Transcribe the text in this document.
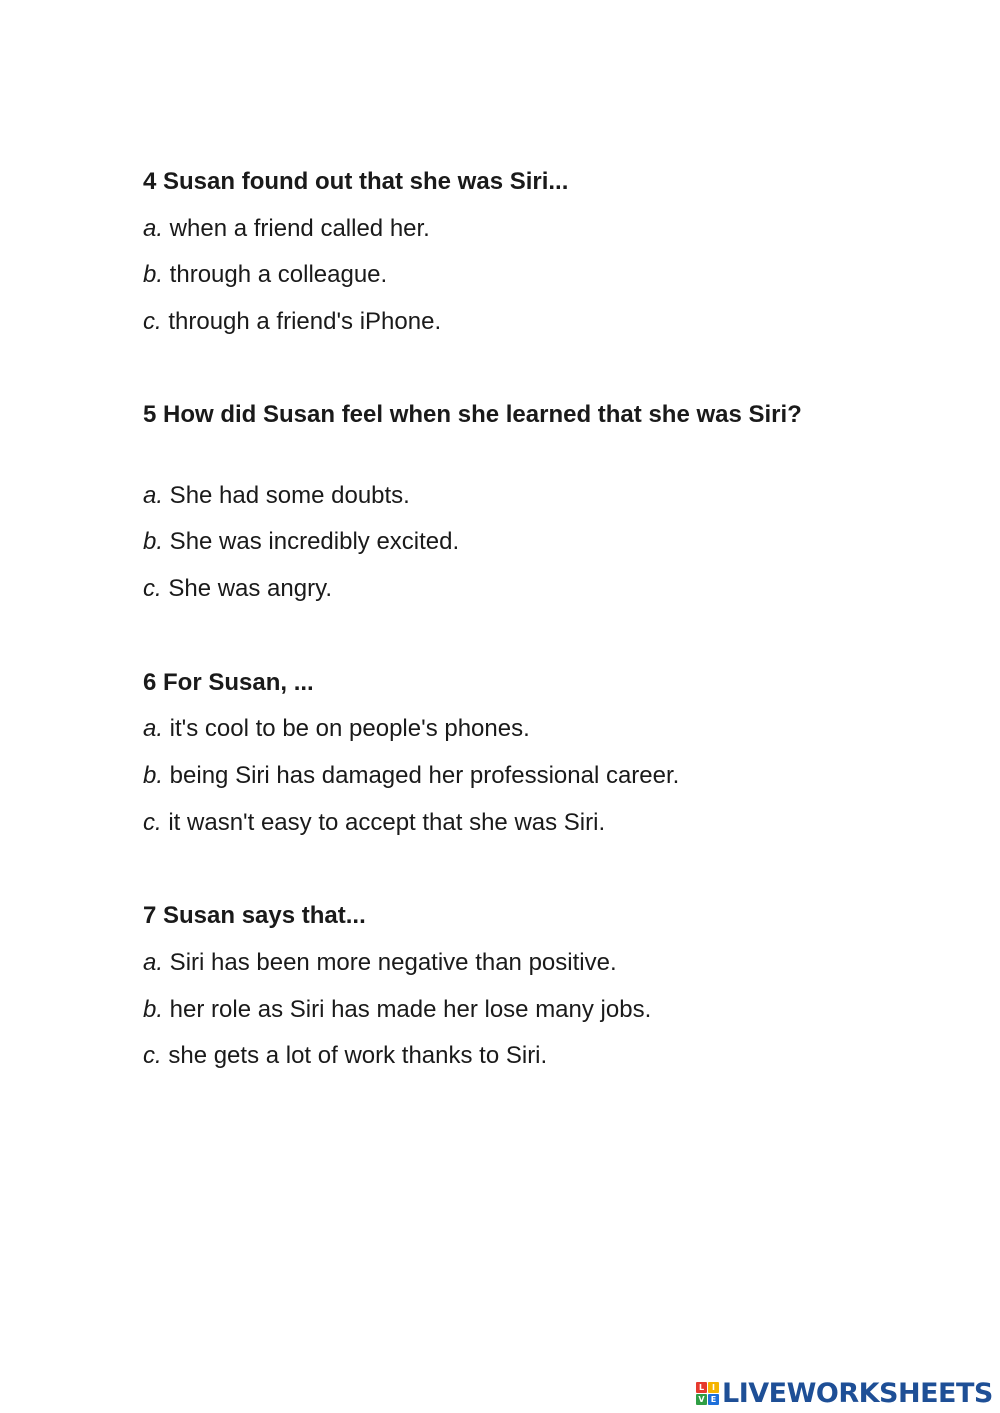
4 Susan found out that she was Siri...

a. when a friend called her.

b. through a colleague.

c. through a friend's iPhone.

5 How did Susan feel when she learned that she was Siri?

a. She had some doubts.

b. She was incredibly excited.

c. She was angry.

6 For Susan, ...

a. it's cool to be on people's phones.

b. being Siri has damaged her professional career.

c. it wasn't easy to accept that she was Siri.

7 Susan says that...

a. Siri has been more negative than positive.

b. her role as Siri has made her lose many jobs.

c. she gets a lot of work thanks to Siri.

L I
V E LIVEWORKSHEETS
